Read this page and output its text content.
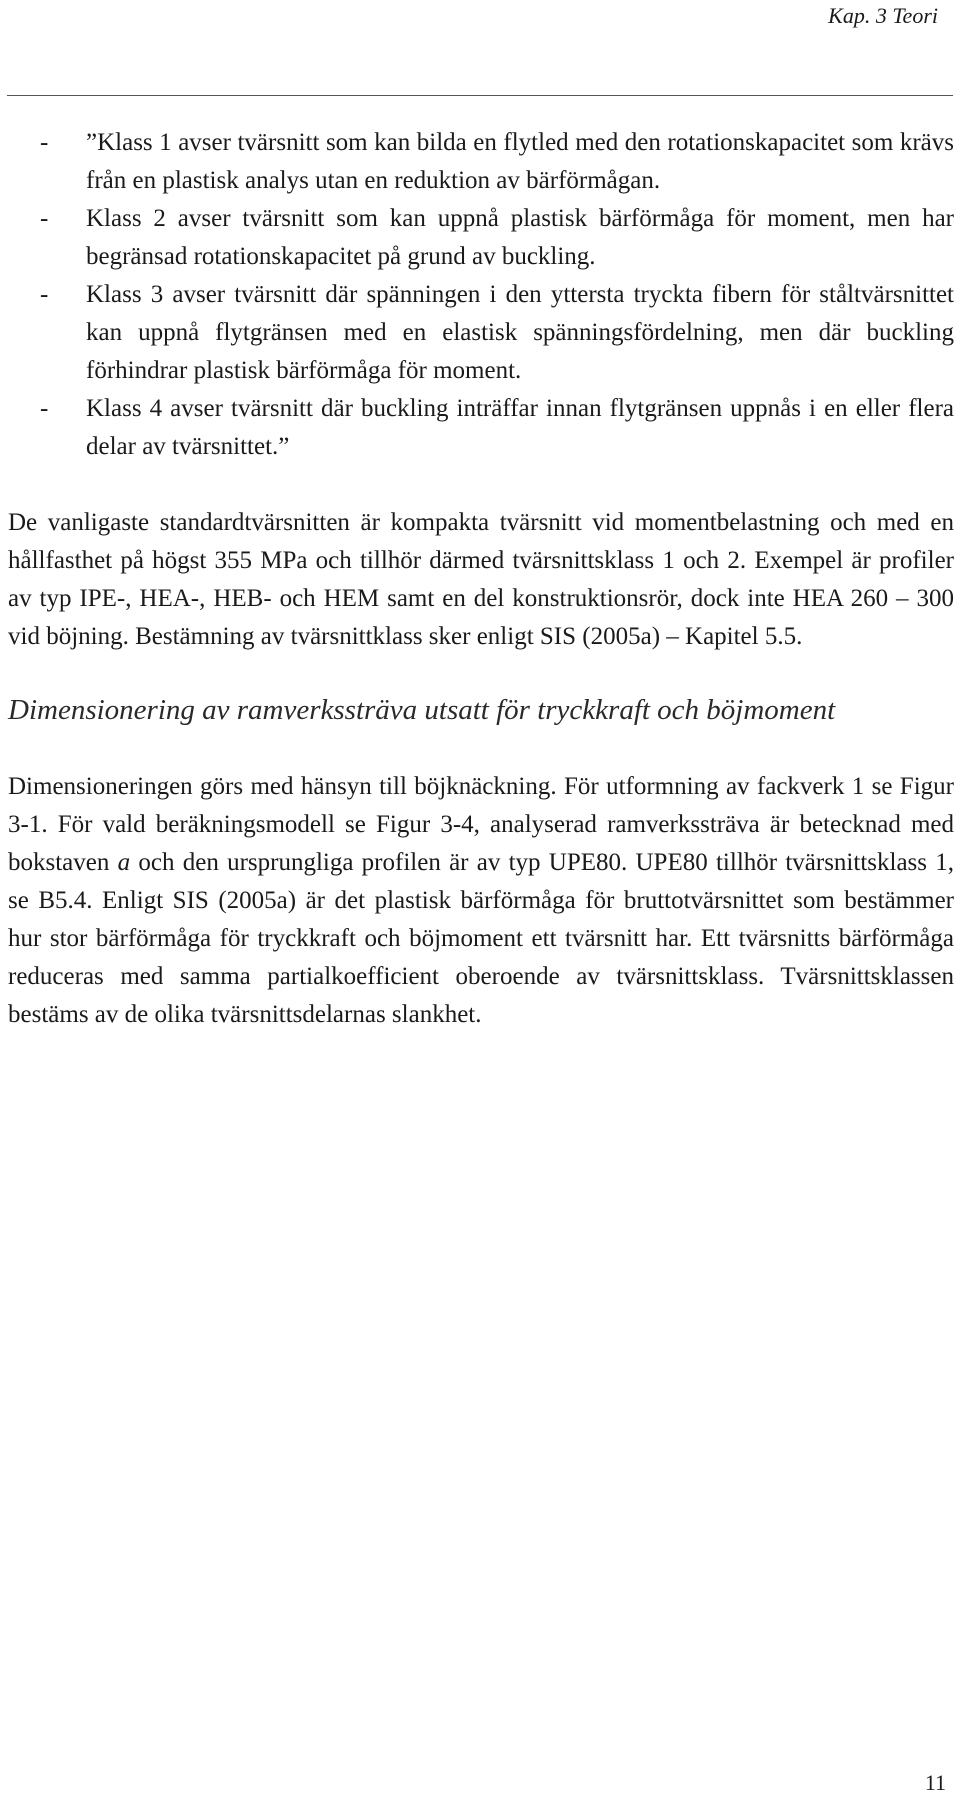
Kap. 3 Teori
- ”Klass 1 avser tvärsnitt som kan bilda en flytled med den rotationskapacitet som krävs från en plastisk analys utan en reduktion av bärförmågan.
- Klass 2 avser tvärsnitt som kan uppnå plastisk bärförmåga för moment, men har begränsad rotationskapacitet på grund av buckling.
- Klass 3 avser tvärsnitt där spänningen i den yttersta tryckta fibern för ståltvärsnittet kan uppnå flytgränsen med en elastisk spänningsfördelning, men där buckling förhindrar plastisk bärförmåga för moment.
- Klass 4 avser tvärsnitt där buckling inträffar innan flytgränsen uppnås i en eller flera delar av tvärsnittet.”

De vanligaste standardtvärsnitten är kompakta tvärsnitt vid momentbelastning och med en hållfasthet på högst 355 MPa och tillhör därmed tvärsnittsklass 1 och 2. Exempel är profiler av typ IPE-, HEA-, HEB- och HEM samt en del konstruktionsrör, dock inte HEA 260 – 300 vid böjning. Bestämning av tvärsnittklass sker enligt SIS (2005a) – Kapitel 5.5.

Dimensionering av ramverkssträva utsatt för tryckkraft och böjmoment

Dimensioneringen görs med hänsyn till böjknäckning. För utformning av fackverk 1 se Figur 3-1. För vald beräkningsmodell se Figur 3-4, analyserad ramverkssträva är betecknad med bokstaven a och den ursprungliga profilen är av typ UPE80. UPE80 tillhör tvärsnittsklass 1, se B5.4. Enligt SIS (2005a) är det plastisk bärförmåga för bruttotvärsnittet som bestämmer hur stor bärförmåga för tryckkraft och böjmoment ett tvärsnitt har. Ett tvärsnitts bärförmåga reduceras med samma partialkoefficient oberoende av tvärsnittsklass. Tvärsnittsklassen bestäms av de olika tvärsnittsdelarnas slankhet.

11
